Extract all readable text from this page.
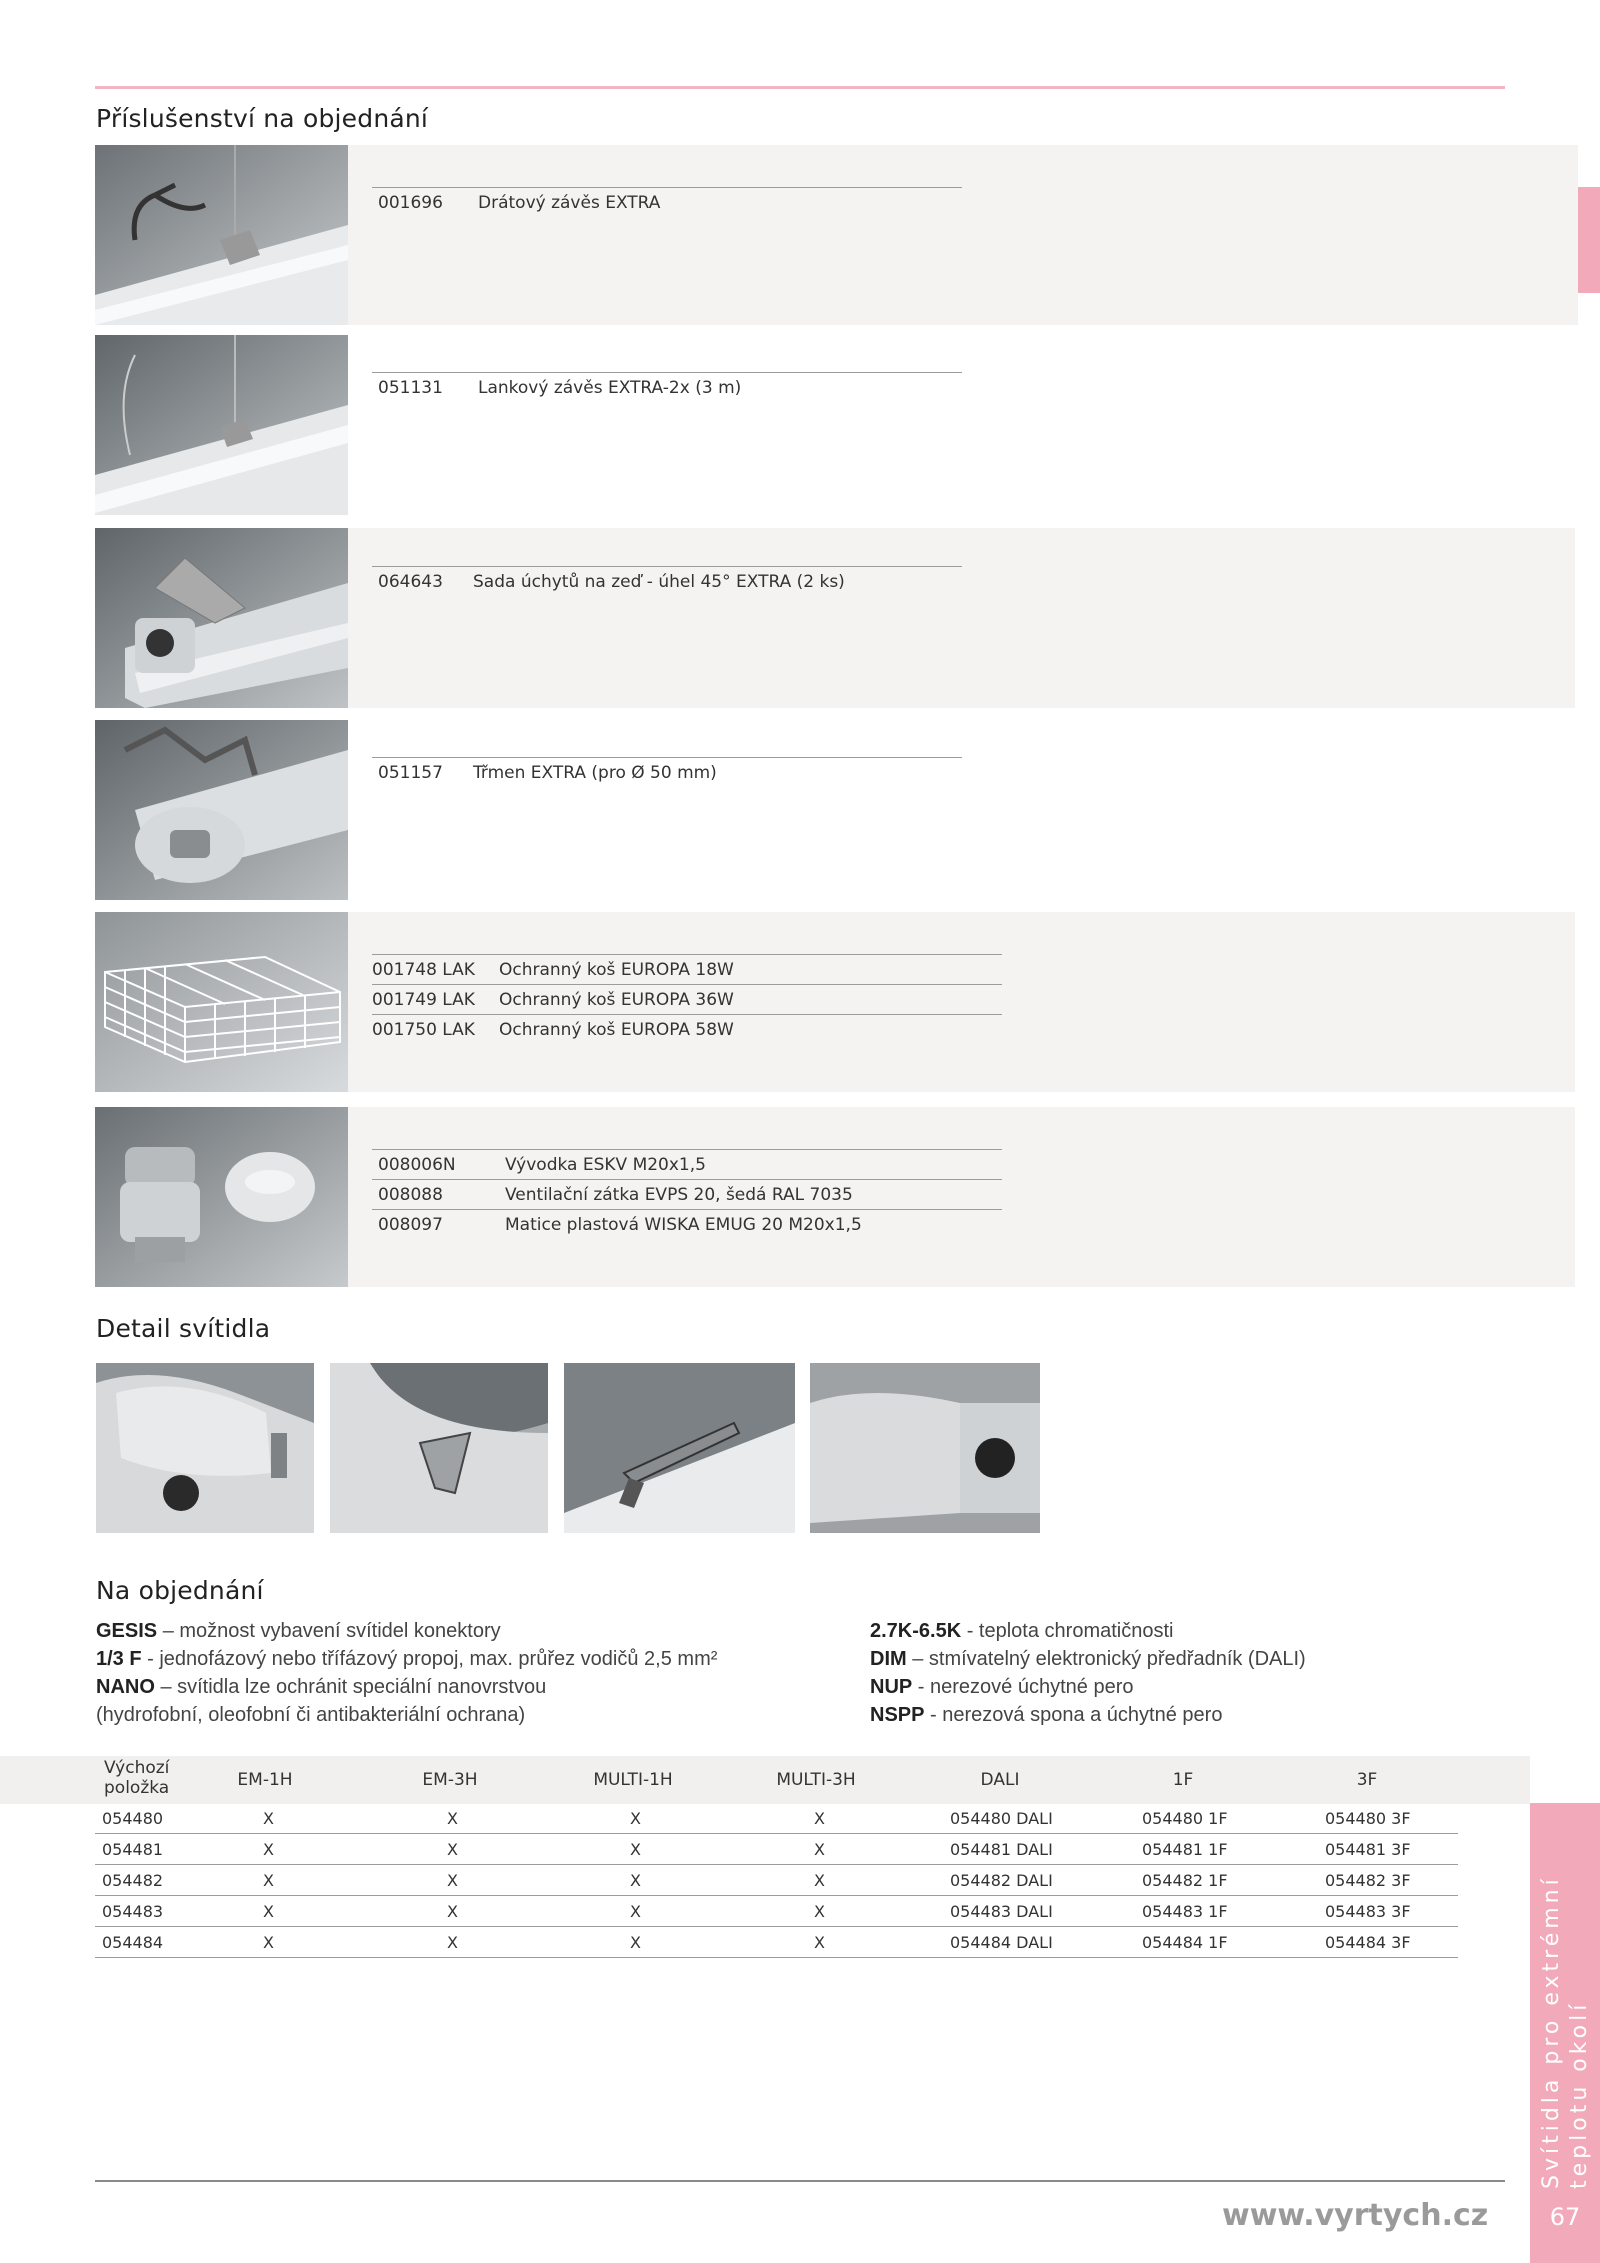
Příslušenství na objednání
001696	Drátový závěs EXTRA
051131	Lankový závěs EXTRA-2x (3 m)
064643	Sada úchytů na zeď - úhel 45° EXTRA (2 ks)
051157	Třmen EXTRA (pro Ø 50 mm)
001748 LAK	Ochranný koš EUROPA 18W
001749 LAK	Ochranný koš EUROPA 36W
001750 LAK	Ochranný koš EUROPA 58W
008006N	Vývodka ESKV M20x1,5
008088	Ventilační zátka EVPS 20, šedá RAL 7035
008097	Matice plastová WISKA EMUG 20 M20x1,5
Detail svítidla
Na objednání
GESIS – možnost vybavení svítidel konektory
1/3 F - jednofázový nebo třífázový propoj, max. průřez vodičů 2,5 mm²
NANO – svítidla lze ochránit speciální nanovrstvou
(hydrofobní, oleofobní či antibakteriální ochrana)
2.7K-6.5K - teplota chromatičnosti
DIM – stmívatelný elektronický předřadník (DALI)
NUP - nerezové úchytné pero
NSPP - nerezová spona a úchytné pero
Výchozí
položka	EM-1H	EM-3H	MULTI-1H	MULTI-3H	DALI	1F	3F
054480	X	X	X	X	054480 DALI	054480 1F	054480 3F
054481	X	X	X	X	054481 DALI	054481 1F	054481 3F
054482	X	X	X	X	054482 DALI	054482 1F	054482 3F
054483	X	X	X	X	054483 DALI	054483 1F	054483 3F
054484	X	X	X	X	054484 DALI	054484 1F	054484 3F	Svítidla pro extrémní teplotu okolí
www.vyrtych.cz	67
